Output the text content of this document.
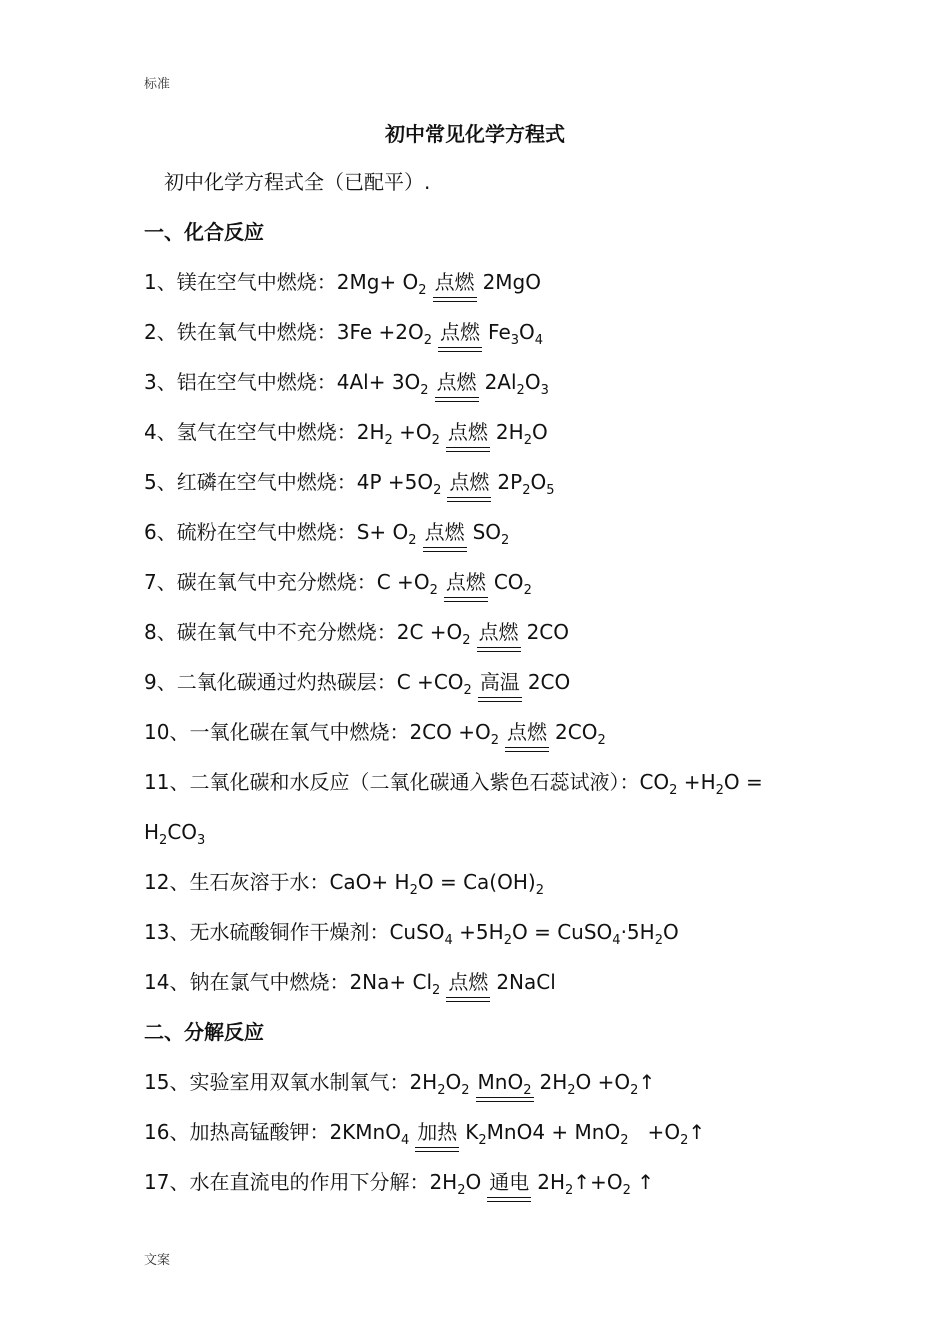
标准
初中常见化学方程式
初中化学方程式全（已配平）.
一、化合反应
1、镁在空气中燃烧：$2Mg+ O_2$ 点燃 2MgO
2、铁在氧气中燃烧：$3Fe +2O_2$ 点燃 $Fe_3O_4$
3、铝在空气中燃烧：$4Al+ 3O_2$ 点燃 $2Al_2O_3$
4、氢气在空气中燃烧：$2H_2 +O_2$ 点燃 $2H_2O$
5、红磷在空气中燃烧：$4P +5O_2$ 点燃 $2P_2O_5$
6、硫粉在空气中燃烧：$S+ O_2$ 点燃 $SO_2$
7、碳在氧气中充分燃烧：$C +O_2$ 点燃 $CO_2$
8、碳在氧气中不充分燃烧：$2C +O_2$ 点燃 2CO
9、二氧化碳通过灼热碳层：$C +CO_2$ 高温 2CO
10、一氧化碳在氧气中燃烧：$2CO +O_2$ 点燃 $2CO_2$
11、二氧化碳和水反应（二氧化碳通入紫色石蕊试液）：$CO_2 +H_2O$ =
$H_2CO_3$
12、生石灰溶于水：$CaO+ H_2O = Ca(OH)_2$
13、无水硫酸铜作干燥剂：CuSO$_4$ $+5H_2O$ = $CuSO_4\cdot 5H_2O$
14、钠在氯气中燃烧：$2Na+ Cl_2$ 点燃 2NaCl
二、分解反应
15、实验室用双氧水制氧气：$2H_2O_2$ MnO$_2$ $2H_2O$ $+O_2↑$
16、加热高锰酸钾：2KMnO$_4$ 加热 $K_2MnO4 + MnO_2$   $+O_2↑$
17、水在直流电的作用下分解：$2H_2O$ 通电 $2H_2↑+O_2$ ↑
文案
